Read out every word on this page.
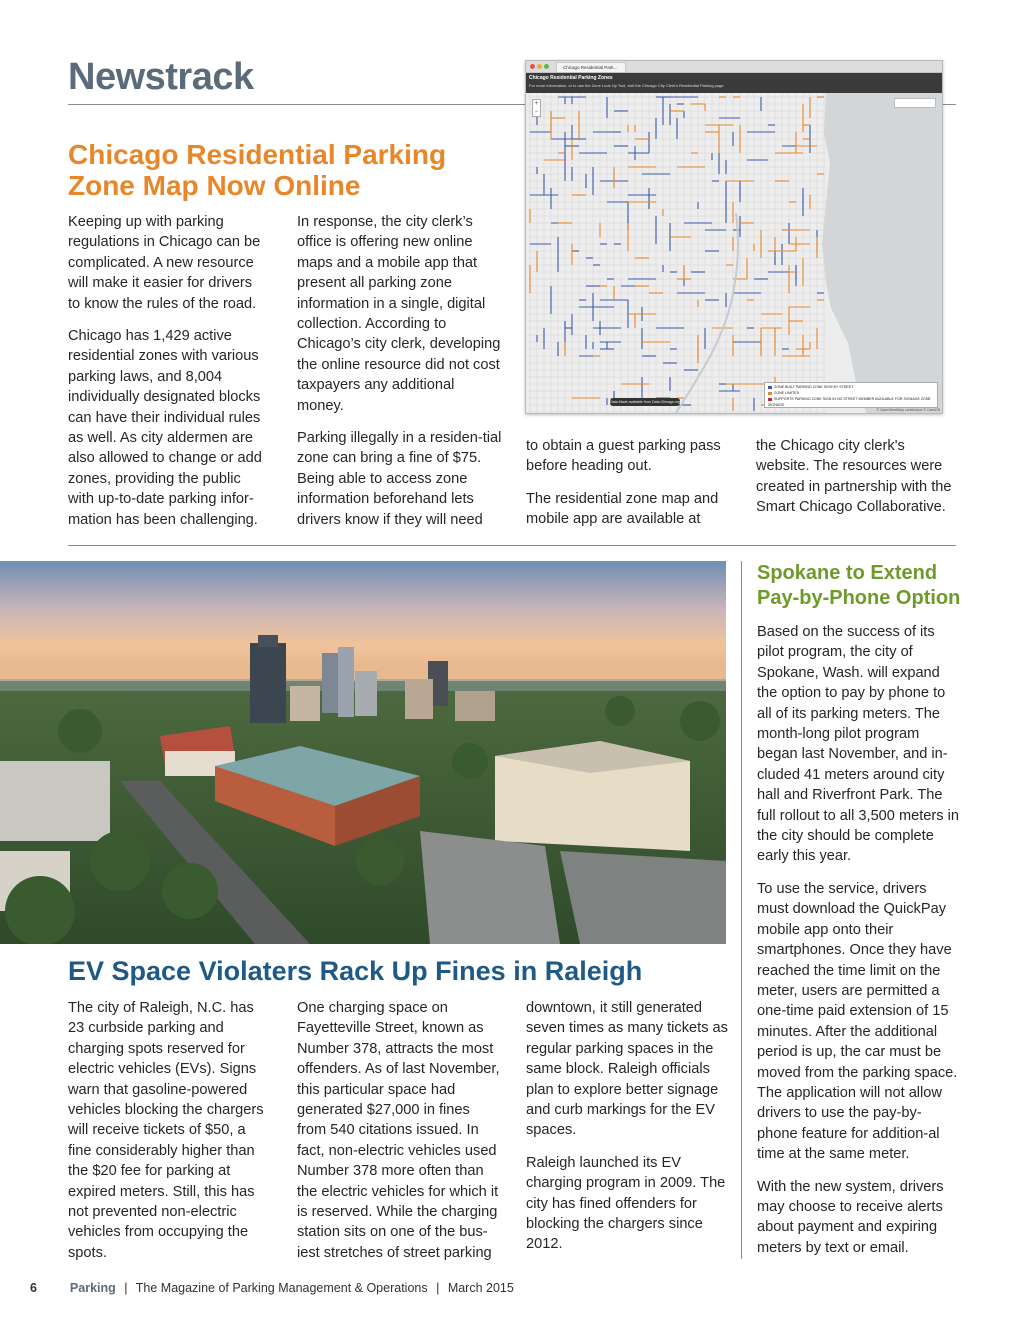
Newstrack
Chicago Residential Parking
Zone Map Now Online

Keeping up with parking regulations in Chicago can be complicated. A new resource will make it easier for drivers to know the rules of the road.

Chicago has 1,429 active residential zones with various parking laws, and 8,004 individually designated blocks can have their individual rules as well. As city aldermen are also allowed to change or add zones, providing the public with up-to-date parking infor-mation has been challenging.

In response, the city clerk’s office is offering new online maps and a mobile app that present all parking zone information in a single, digital collection. According to Chicago’s city clerk, developing the online resource did not cost taxpayers any additional money.

Parking illegally in a residen-tial zone can bring a fine of $75. Being able to access zone information beforehand lets drivers know if they will need

to obtain a guest parking pass before heading out.

The residential zone map and mobile app are available at

the Chicago city clerk's website. The resources were created in partnership with the Smart Chicago Collaborative.

Chicago Residential Park...
Chicago Residential Parking Zones
For more information, or to use the Zone Look Up Tool, visit the Chicago City Clerk's Residential Parking page.
+
−
ZONE BUILT PARKING ZONE SIGN BY STREET
ZONE LIMITED
SUPPORTS PARKING ZONE SIGN IN NO STREET MEMBER AVAILABLE FOR SIGNAGE ZONE SIGNAGE
Data Made available from Data.Chicago.org
© OpenStreetMap contributors © CartoDB
Spokane to Extend
Pay-by-Phone Option

Based on the success of its pilot program, the city of Spokane, Wash. will expand the option to pay by phone to all of its parking meters. The month-long pilot program began last November, and in-cluded 41 meters around city hall and Riverfront Park. The full rollout to all 3,500 meters in the city should be complete early this year.

To use the service, drivers must download the QuickPay mobile app onto their smartphones. Once they have reached the time limit on the meter, users are permitted a one-time paid extension of 15 minutes. After the additional period is up, the car must be moved from the parking space. The application will not allow drivers to use the pay-by-phone feature for addition-al time at the same meter.

With the new system, drivers may choose to receive alerts about payment and expiring meters by text or email.

EV Space Violaters Rack Up Fines in Raleigh

The city of Raleigh, N.C. has 23 curbside parking and charging spots reserved for electric vehicles (EVs). Signs warn that gasoline-powered vehicles blocking the chargers will receive tickets of $50, a fine considerably higher than the $20 fee for parking at expired meters. Still, this has not prevented non-electric vehicles from occupying the spots.

One charging space on Fayetteville Street, known as Number 378, attracts the most offenders. As of last November, this particular space had generated $27,000 in fines from 540 citations issued. In fact, non-electric vehicles used Number 378 more often than the electric vehicles for which it is reserved. While the charging station sits on one of the bus-iest stretches of street parking

downtown, it still generated seven times as many tickets as regular parking spaces in the same block. Raleigh officials plan to explore better signage and curb markings for the EV spaces.

Raleigh launched its EV charging program in 2009. The city has fined offenders for blocking the chargers since 2012.

6	Parking | The Magazine of Parking Management & Operations | March 2015
